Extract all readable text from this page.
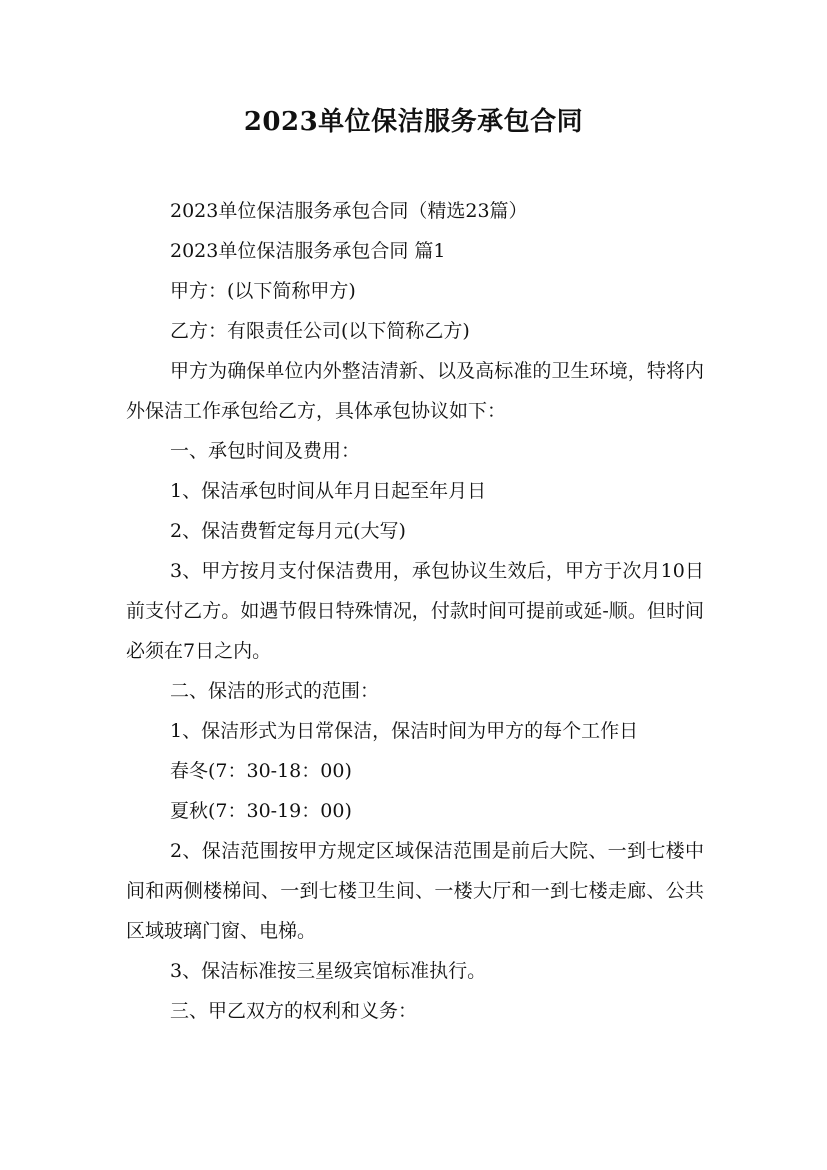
2023单位保洁服务承包合同

2023单位保洁服务承包合同（精选23篇）

2023单位保洁服务承包合同 篇1

甲方：(以下简称甲方)

乙方：有限责任公司(以下简称乙方)

甲方为确保单位内外整洁清新、以及高标准的卫生环境，特将内外保洁工作承包给乙方，具体承包协议如下：

一、承包时间及费用：

1、保洁承包时间从年月日起至年月日

2、保洁费暂定每月元(大写)

3、甲方按月支付保洁费用，承包协议生效后，甲方于次月10日前支付乙方。如遇节假日特殊情况，付款时间可提前或延-顺。但时间必须在7日之内。

二、保洁的形式的范围：

1、保洁形式为日常保洁，保洁时间为甲方的每个工作日

春冬(7：30-18：00)

夏秋(7：30-19：00)

2、保洁范围按甲方规定区域保洁范围是前后大院、一到七楼中间和两侧楼梯间、一到七楼卫生间、一楼大厅和一到七楼走廊、公共区域玻璃门窗、电梯。

3、保洁标准按三星级宾馆标准执行。

三、甲乙双方的权利和义务：
